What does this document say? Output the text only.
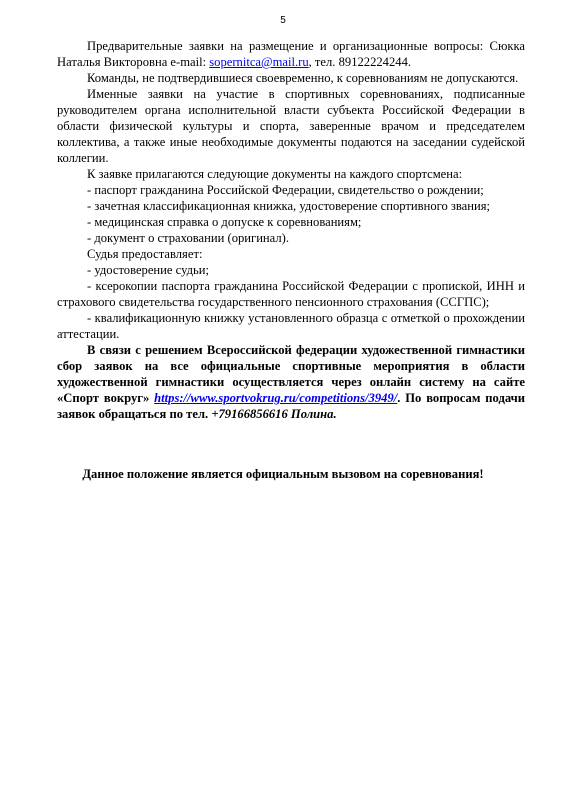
5

Предварительные заявки на размещение и организационные вопросы: Сюкка Наталья Викторовна e-mail: sopernitca@mail.ru, тел. 89122224244.

Команды, не подтвердившиеся своевременно, к соревнованиям не допускаются.

Именные заявки на участие в спортивных соревнованиях, подписанные руководителем органа исполнительной власти субъекта Российской Федерации в области физической культуры и спорта, заверенные врачом и председателем коллектива, а также иные необходимые документы подаются на заседании судейской коллегии.

К заявке прилагаются следующие документы на каждого спортсмена:

- паспорт гражданина Российской Федерации, свидетельство о рождении;

- зачетная классификационная книжка, удостоверение спортивного звания;

- медицинская справка о допуске к соревнованиям;

- документ о страховании (оригинал).

Судья предоставляет:

- удостоверение судьи;

- ксерокопии паспорта гражданина Российской Федерации с пропиской, ИНН и страхового свидетельства государственного пенсионного страхования (ССГПС);

- квалификационную книжку установленного образца с отметкой о прохождении аттестации.

В связи с решением Всероссийской федерации художественной гимнастики сбор заявок на все официальные спортивные мероприятия в области художественной гимнастики осуществляется через онлайн систему на сайте «Спорт вокруг» https://www.sportvokrug.ru/competitions/3949/. По вопросам подачи заявок обращаться по тел. +79166856616 Полина.

Данное положение является официальным вызовом на соревнования!
